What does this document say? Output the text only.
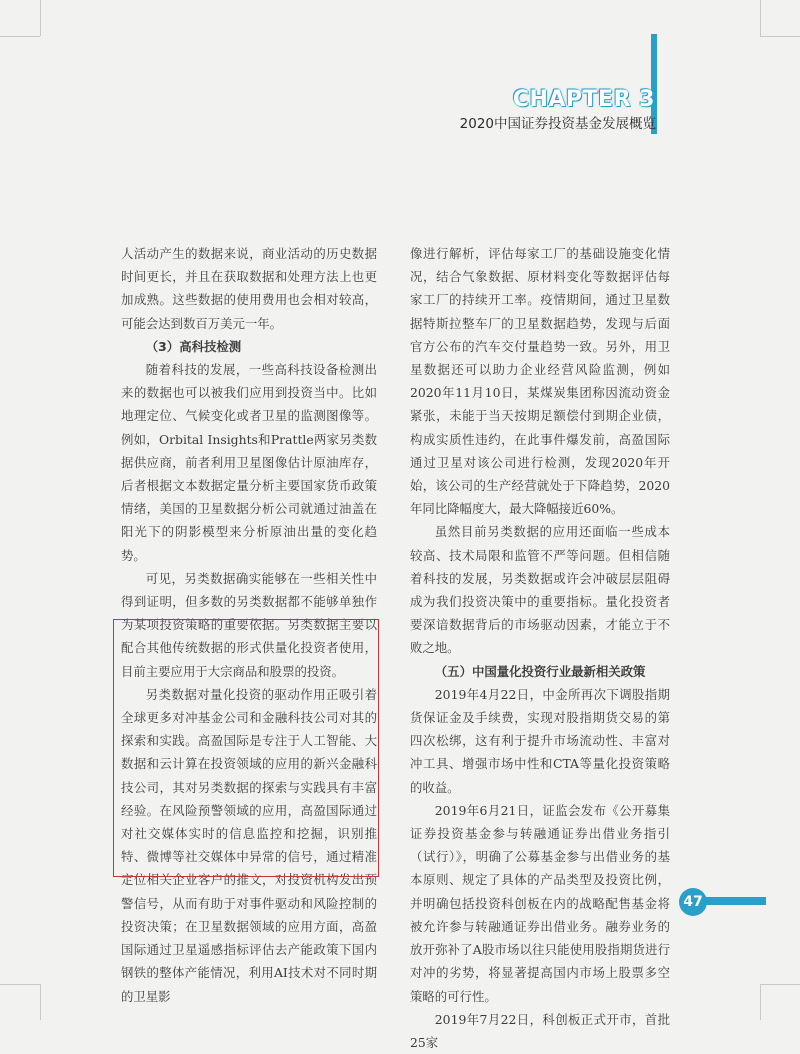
CHAPTER 3
2020中国证券投资基金发展概览

人活动产生的数据来说，商业活动的历史数据时间更长，并且在获取数据和处理方法上也更加成熟。这些数据的使用费用也会相对较高，可能会达到数百万美元一年。

（3）高科技检测

随着科技的发展，一些高科技设备检测出来的数据也可以被我们应用到投资当中。比如地理定位、气候变化或者卫星的监测图像等。例如，Orbital Insights和Prattle两家另类数据供应商，前者利用卫星图像估计原油库存，后者根据文本数据定量分析主要国家货币政策情绪，美国的卫星数据分析公司就通过油盖在阳光下的阴影模型来分析原油出量的变化趋势。

可见，另类数据确实能够在一些相关性中得到证明，但多数的另类数据都不能够单独作为某项投资策略的重要依据。另类数据主要以配合其他传统数据的形式供量化投资者使用，目前主要应用于大宗商品和股票的投资。

另类数据对量化投资的驱动作用正吸引着全球更多对冲基金公司和金融科技公司对其的探索和实践。高盈国际是专注于人工智能、大数据和云计算在投资领域的应用的新兴金融科技公司，其对另类数据的探索与实践具有丰富经验。在风险预警领域的应用，高盈国际通过对社交媒体实时的信息监控和挖掘，识别推特、微博等社交媒体中异常的信号，通过精准定位相关企业客户的推文，对投资机构发出预警信号，从而有助于对事件驱动和风险控制的投资决策；在卫星数据领域的应用方面，高盈国际通过卫星遥感指标评估去产能政策下国内钢铁的整体产能情况，利用AI技术对不同时期的卫星影

像进行解析，评估每家工厂的基础设施变化情况，结合气象数据、原材料变化等数据评估每家工厂的持续开工率。疫情期间，通过卫星数据特斯拉整车厂的卫星数据趋势，发现与后面官方公布的汽车交付量趋势一致。另外，用卫星数据还可以助力企业经营风险监测，例如2020年11月10日，某煤炭集团称因流动资金紧张，未能于当天按期足额偿付到期企业债，构成实质性违约，在此事件爆发前，高盈国际通过卫星对该公司进行检测，发现2020年开始，该公司的生产经营就处于下降趋势，2020年同比降幅度大，最大降幅接近60%。

虽然目前另类数据的应用还面临一些成本较高、技术局限和监管不严等问题。但相信随着科技的发展，另类数据或许会冲破层层阻碍成为我们投资决策中的重要指标。量化投资者要深谙数据背后的市场驱动因素，才能立于不败之地。

（五）中国量化投资行业最新相关政策

2019年4月22日，中金所再次下调股指期货保证金及手续费，实现对股指期货交易的第四次松绑，这有利于提升市场流动性、丰富对冲工具、增强市场中性和CTA等量化投资策略的收益。

2019年6月21日，证监会发布《公开募集证券投资基金参与转融通证券出借业务指引（试行）》，明确了公募基金参与出借业务的基本原则、规定了具体的产品类型及投资比例，并明确包括投资科创板在内的战略配售基金将被允许参与转融通证券出借业务。融券业务的放开弥补了A股市场以往只能使用股指期货进行对冲的劣势，将显著提高国内市场上股票多空策略的可行性。

2019年7月22日，科创板正式开市，首批25家

47
